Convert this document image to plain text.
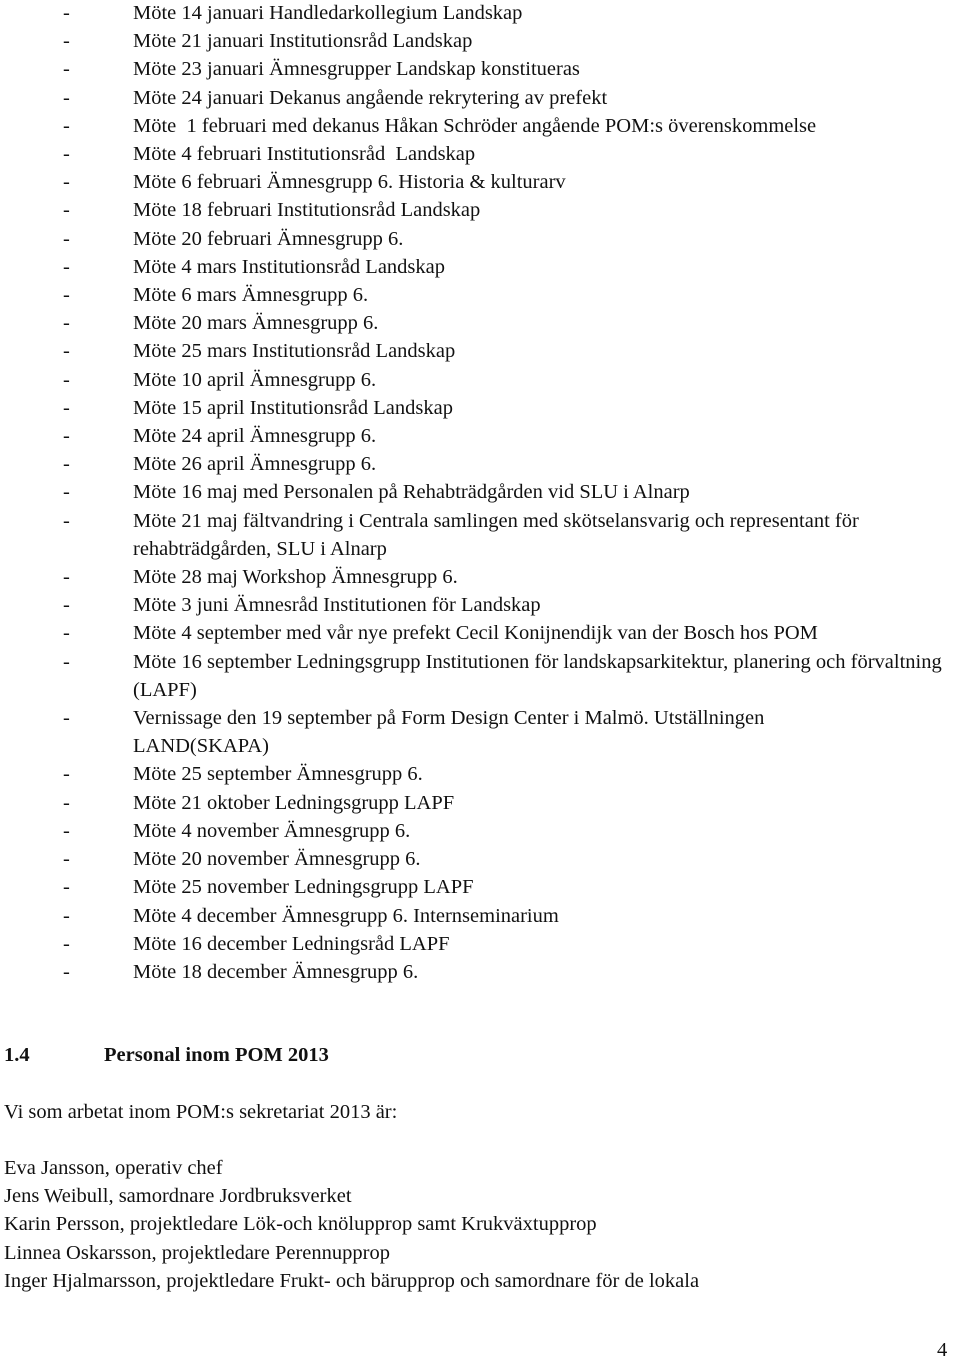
-	Möte 14 januari Handledarkollegium Landskap
-	Möte 21 januari Institutionsråd Landskap
-	Möte 23 januari Ämnesgrupper Landskap konstitueras
-	Möte 24 januari Dekanus angående rekrytering av prefekt
-	Möte  1 februari med dekanus Håkan Schröder angående POM:s överenskommelse
-	Möte 4 februari Institutionsråd  Landskap
-	Möte 6 februari Ämnesgrupp 6. Historia & kulturarv
-	Möte 18 februari Institutionsråd Landskap
-	Möte 20 februari Ämnesgrupp 6.
-	Möte 4 mars Institutionsråd Landskap
-	Möte 6 mars Ämnesgrupp 6.
-	Möte 20 mars Ämnesgrupp 6.
-	Möte 25 mars Institutionsråd Landskap
-	Möte 10 april Ämnesgrupp 6.
-	Möte 15 april Institutionsråd Landskap
-	Möte 24 april Ämnesgrupp 6.
-	Möte 26 april Ämnesgrupp 6.
-	Möte 16 maj med Personalen på Rehabträdgården vid SLU i Alnarp
-	Möte 21 maj fältvandring i Centrala samlingen med skötselansvarig och representant för rehabträdgården, SLU i Alnarp
-	Möte 28 maj Workshop Ämnesgrupp 6.
-	Möte 3 juni Ämnesråd Institutionen för Landskap
-	Möte 4 september med vår nye prefekt Cecil Konijnendijk van der Bosch hos POM
-	Möte 16 september Ledningsgrupp Institutionen för landskapsarkitektur, planering och förvaltning (LAPF)
-	Vernissage den 19 september på Form Design Center i Malmö. Utställningen LAND(SKAPA)
-	Möte 25 september Ämnesgrupp 6.
-	Möte 21 oktober Ledningsgrupp LAPF
-	Möte 4 november Ämnesgrupp 6.
-	Möte 20 november Ämnesgrupp 6.
-	Möte 25 november Ledningsgrupp LAPF
-	Möte 4 december Ämnesgrupp 6. Internseminarium
-	Möte 16 december Ledningsråd LAPF
-	Möte 18 december Ämnesgrupp 6.
1.4	Personal inom POM 2013
Vi som arbetat inom POM:s sekretariat 2013 är:
Eva Jansson, operativ chef
Jens Weibull, samordnare Jordbruksverket
Karin Persson, projektledare Lök-och knölupprop samt Krukväxtupprop
Linnea Oskarsson, projektledare Perennupprop
Inger Hjalmarsson, projektledare Frukt- och bärupprop och samordnare för de lokala
4
